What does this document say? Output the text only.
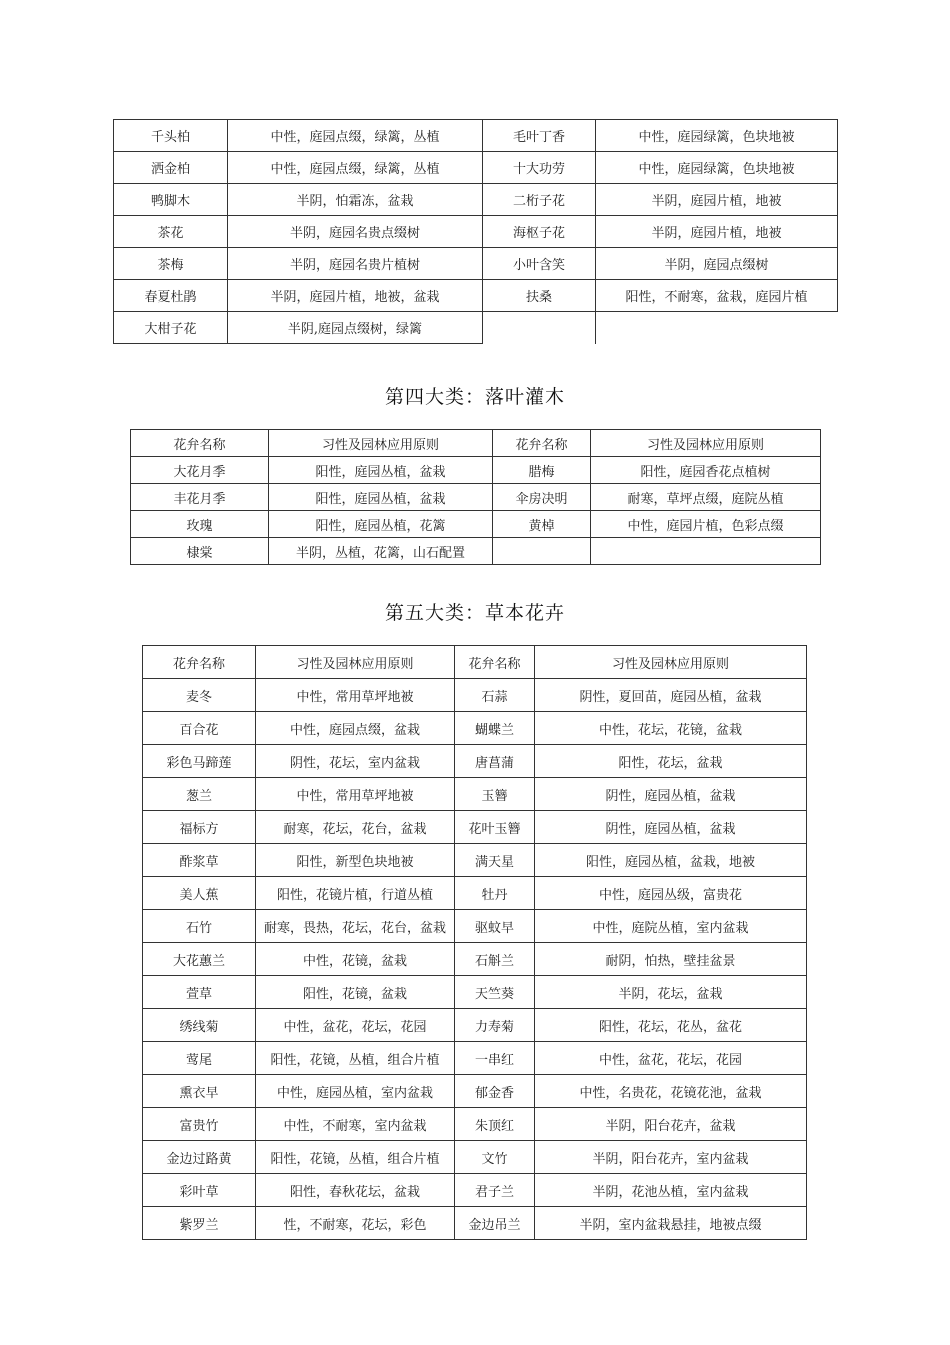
千头柏	中性，庭园点缀，绿篱，丛植	毛叶丁香	中性，庭园绿篱，色块地被
洒金柏	中性，庭园点缀，绿篱，丛植	十大功劳	中性，庭园绿篱，色块地被
鸭脚木	半阴，怕霜冻，盆栽	二桁子花	半阴，庭园片植，地被
茶花	半阴，庭园名贵点缀树	海枢子花	半阴，庭园片植，地被
茶梅	半阴，庭园名贵片植树	小叶含笑	半阴，庭园点缀树
春夏杜鹃	半阴，庭园片植，地被，盆栽	扶桑	阳性，不耐寒，盆栽，庭园片植
大柑子花	半阴,庭园点缀树，绿篱		
第四大类：落叶灌木
花弁名称	习性及园林应用原则	花弁名称	习性及园林应用原则
大花月季	阳性，庭园丛植，盆栽	腊梅	阳性，庭园香花点植树
丰花月季	阳性，庭园丛植，盆栽	伞房决明	耐寒，草坪点缀，庭院丛植
玫瑰	阳性，庭园丛植，花篱	黄棹	中性，庭园片植，色彩点缀
棣棠	半阴，丛植，花篱，山石配置		
第五大类：草本花卉
花弁名称	习性及园林应用原则	花弁名称	习性及园林应用原则
麦冬	中性，常用草坪地被	石蒜	阴性，夏回苗，庭园丛植，盆栽
百合花	中性，庭园点缀，盆栽	蝴蝶兰	中性，花坛，花镜，盆栽
彩色马蹄莲	阴性，花坛，室内盆栽	唐菖蒲	阳性，花坛，盆栽
葱兰	中性，常用草坪地被	玉簪	阴性，庭园丛植，盆栽
福标方	耐寒，花坛，花台，盆栽	花叶玉簪	阴性，庭园丛植，盆栽
酢浆草	阳性，新型色块地被	满天星	阳性，庭园丛植，盆栽，地被
美人蕉	阳性，花镜片植，行道丛植	牡丹	中性，庭园丛级，富贵花
石竹	耐寒，畏热，花坛，花台，盆栽	驱蚊早	中性，庭院丛植，室内盆栽
大花蕙兰	中性，花镜，盆栽	石斛兰	耐阴，怕热，壁挂盆景
萱草	阳性，花镜，盆栽	天竺葵	半阴，花坛，盆栽
绣线菊	中性，盆花，花坛，花园	力寿菊	阳性，花坛，花丛，盆花
莺尾	阳性，花镜，丛植，组合片植	一串红	中性，盆花，花坛，花园
熏衣早	中性，庭园丛植，室内盆栽	郁金香	中性，名贵花，花镜花池，盆栽
富贵竹	中性，不耐寒，室内盆栽	朱顶红	半阴，阳台花卉，盆栽
金边过路黄	阳性，花镜，丛植，组合片植	文竹	半阴，阳台花卉，室内盆栽
彩叶草	阳性，春秋花坛，盆栽	君子兰	半阴，花池丛植，室内盆栽
紫罗兰	性，不耐寒，花坛，彩色	金边吊兰	半阴，室内盆栽悬挂，地被点缀
